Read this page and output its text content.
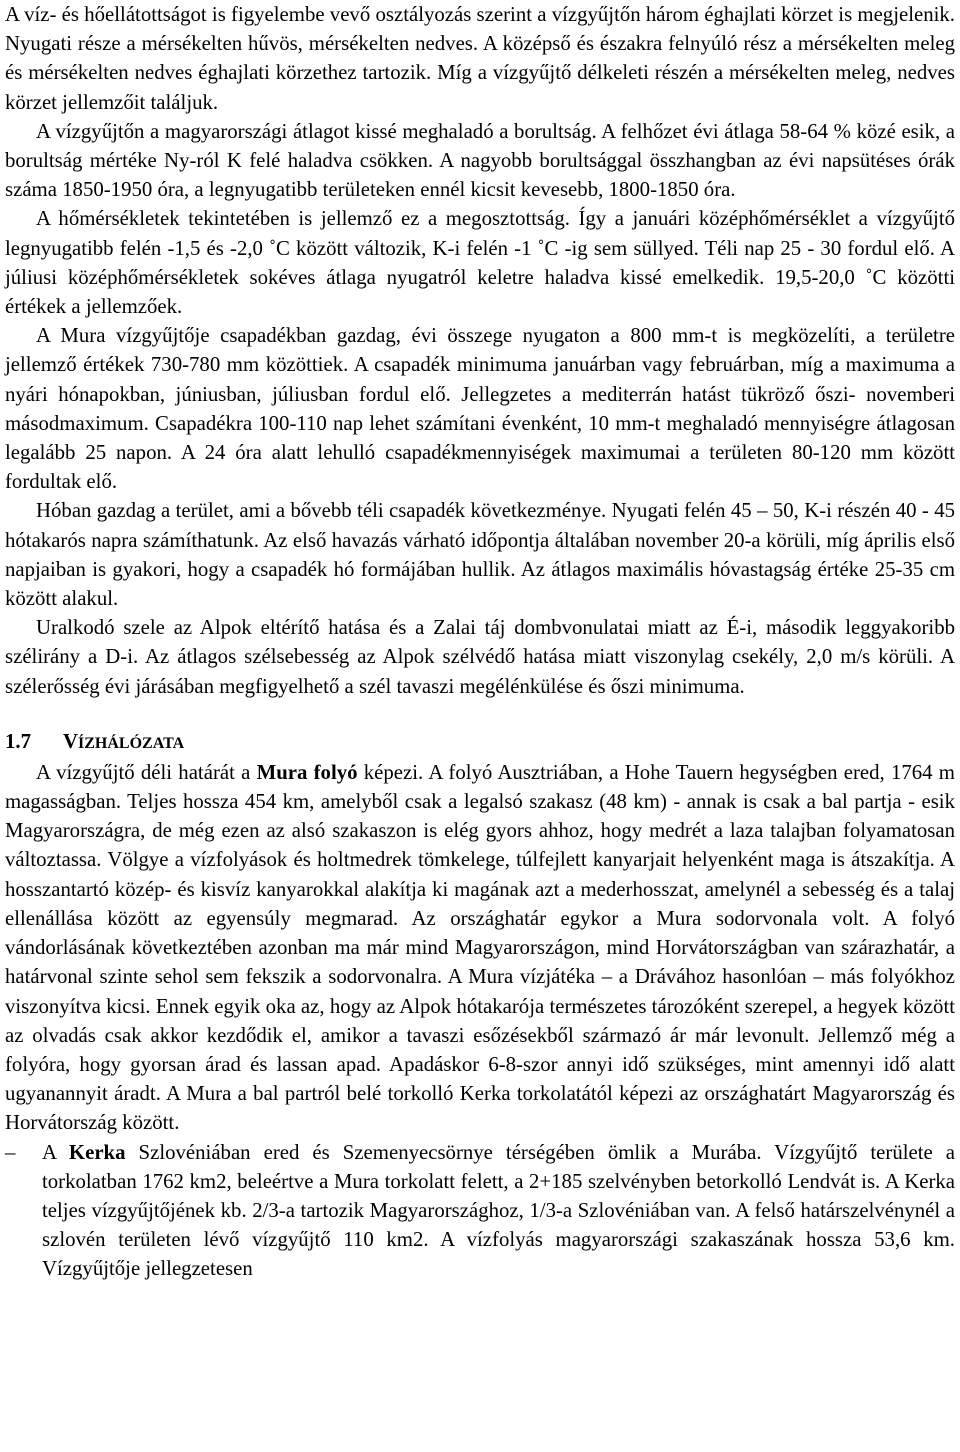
A víz- és hőellátottságot is figyelembe vevő osztályozás szerint a vízgyűjtőn három éghajlati körzet is megjelenik. Nyugati része a mérsékelten hűvös, mérsékelten nedves. A középső és északra felnyúló rész a mérsékelten meleg és mérsékelten nedves éghajlati körzethez tartozik. Míg a vízgyűjtő délkeleti részén a mérsékelten meleg, nedves körzet jellemzőit találjuk.

A vízgyűjtőn a magyarországi átlagot kissé meghaladó a borultság. A felhőzet évi átlaga 58-64 % közé esik, a borultság mértéke Ny-ról K felé haladva csökken. A nagyobb borultsággal összhangban az évi napsütéses órák száma 1850-1950 óra, a legnyugatibb területeken ennél kicsit kevesebb, 1800-1850 óra.

A hőmérsékletek tekintetében is jellemző ez a megosztottság. Így a januári középhőmérséklet a vízgyűjtő legnyugatibb felén -1,5 és -2,0 ˚C között változik, K-i felén -1 ˚C -ig sem süllyed. Téli nap 25 - 30 fordul elő. A júliusi középhőmérsékletek sokéves átlaga nyugatról keletre haladva kissé emelkedik. 19,5-20,0 ˚C közötti értékek a jellemzőek.

A Mura vízgyűjtője csapadékban gazdag, évi összege nyugaton a 800 mm-t is megközelíti, a területre jellemző értékek 730-780 mm közöttiek. A csapadék minimuma januárban vagy februárban, míg a maximuma a nyári hónapokban, júniusban, júliusban fordul elő. Jellegzetes a mediterrán hatást tükröző őszi- novemberi másodmaximum. Csapadékra 100-110 nap lehet számítani évenként, 10 mm-t meghaladó mennyiségre átlagosan legalább 25 napon. A 24 óra alatt lehulló csapadékmennyiségek maximumai a területen 80-120 mm között fordultak elő.

Hóban gazdag a terület, ami a bővebb téli csapadék következménye. Nyugati felén 45 – 50, K-i részén 40 - 45 hótakarós napra számíthatunk. Az első havazás várható időpontja általában november 20-a körüli, míg április első napjaiban is gyakori, hogy a csapadék hó formájában hullik. Az átlagos maximális hóvastagság értéke 25-35 cm között alakul.

Uralkodó szele az Alpok eltérítő hatása és a Zalai táj dombvonulatai miatt az É-i, második leggyakoribb szélirány a D-i. Az átlagos szélsebesség az Alpok szélvédő hatása miatt viszonylag csekély, 2,0 m/s körüli. A szélerősség évi járásában megfigyelhető a szél tavaszi megélénkülése és őszi minimuma.

1.7 VÍZHÁLÓZATA

A vízgyűjtő déli határát a Mura folyó képezi. A folyó Ausztriában, a Hohe Tauern hegységben ered, 1764 m magasságban. Teljes hossza 454 km, amelyből csak a legalsó szakasz (48 km) - annak is csak a bal partja - esik Magyarországra, de még ezen az alsó szakaszon is elég gyors ahhoz, hogy medrét a laza talajban folyamatosan változtassa. Völgye a vízfolyások és holtmedrek tömkelege, túlfejlett kanyarjait helyenként maga is átszakítja. A hosszantartó közép- és kisvíz kanyarokkal alakítja ki magának azt a mederhosszat, amelynél a sebesség és a talaj ellenállása között az egyensúly megmarad. Az országhatár egykor a Mura sodorvonala volt. A folyó vándorlásának következtében azonban ma már mind Magyarországon, mind Horvátországban van szárazhatár, a határvonal szinte sehol sem fekszik a sodorvonalra. A Mura vízjátéka – a Drávához hasonlóan – más folyókhoz viszonyítva kicsi. Ennek egyik oka az, hogy az Alpok hótakarója természetes tározóként szerepel, a hegyek között az olvadás csak akkor kezdődik el, amikor a tavaszi esőzésekből származó ár már levonult. Jellemző még a folyóra, hogy gyorsan árad és lassan apad. Apadáskor 6-8-szor annyi idő szükséges, mint amennyi idő alatt ugyanannyit áradt. A Mura a bal partról belé torkolló Kerka torkolatától képezi az országhatárt Magyarország és Horvátország között.

– A Kerka Szlovéniában ered és Szemenyecsörnye térségében ömlik a Murába. Vízgyűjtő területe a torkolatban 1762 km2, beleértve a Mura torkolatt felett, a 2+185 szelvényben betorkolló Lendvát is. A Kerka teljes vízgyűjtőjének kb. 2/3-a tartozik Magyarországhoz, 1/3-a Szlovéniában van. A felső határszelvénynél a szlovén területen lévő vízgyűjtő 110 km2. A vízfolyás magyarországi szakaszának hossza 53,6 km. Vízgyűjtője jellegzetesen
